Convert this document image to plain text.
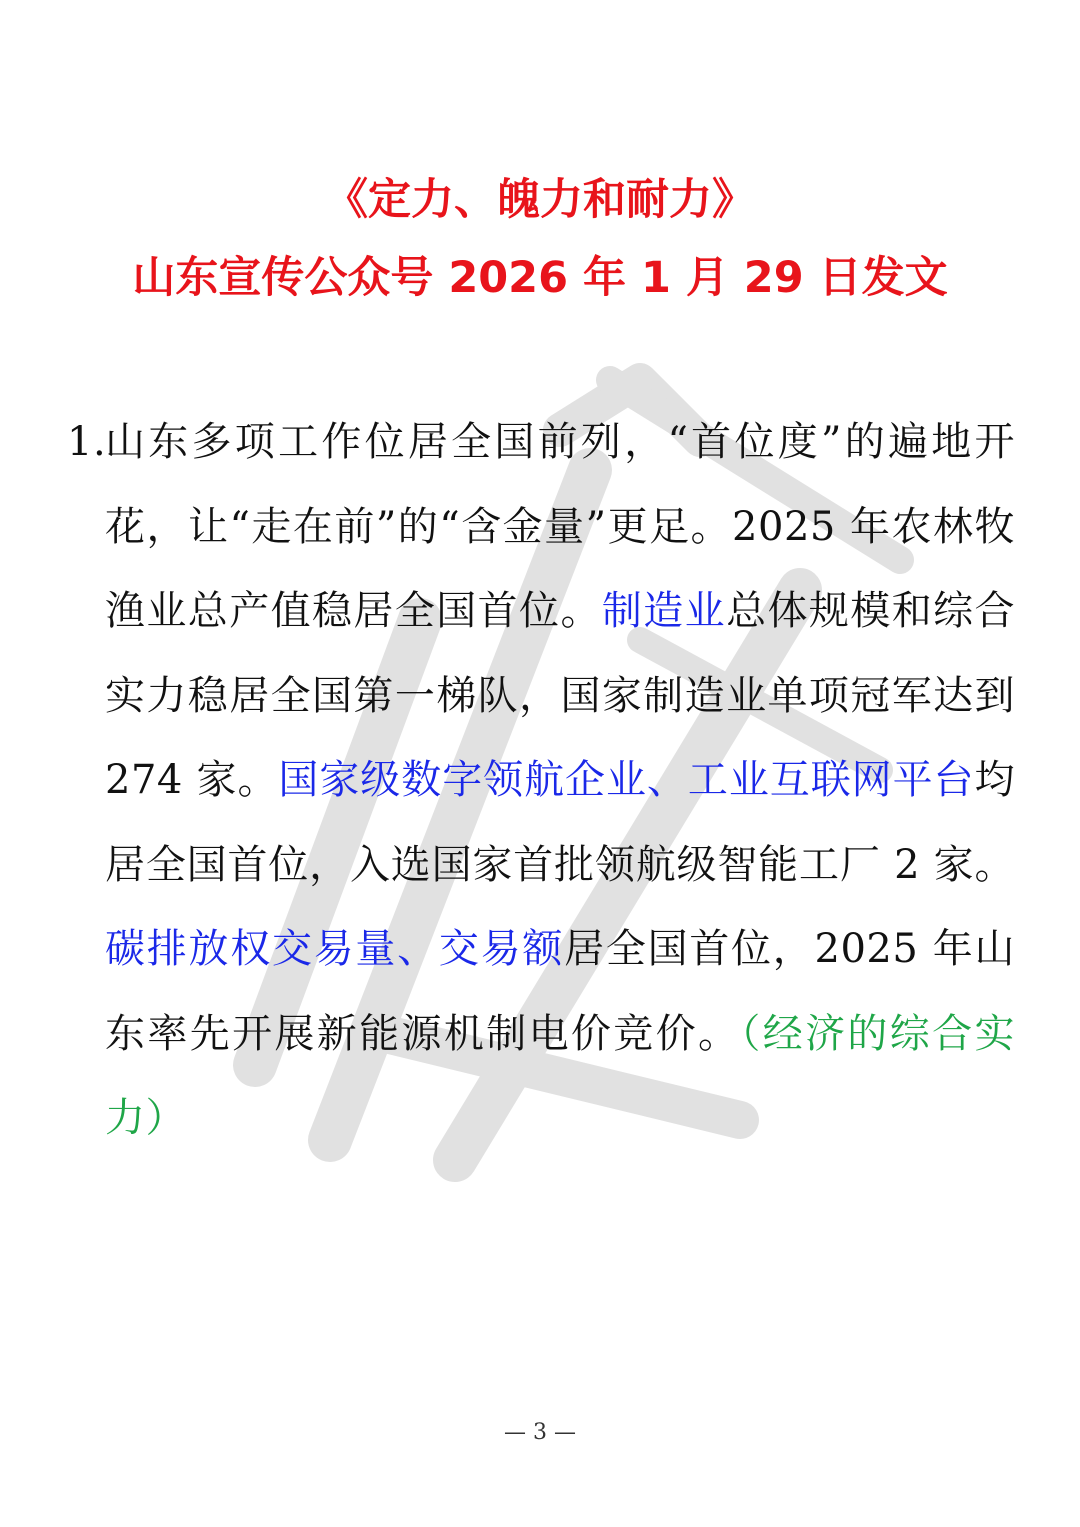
《定力、魄力和耐力》
山东宣传公众号 2026 年 1 月 29 日发文
1.
山东多项工作位居全国前列，“首位度”的遍地开花，让“走在前”的“含金量”更足。2025 年农林牧渔业总产值稳居全国首位。制造业总体规模和综合实力稳居全国第一梯队，国家制造业单项冠军达到 274 家。国家级数字领航企业、工业互联网平台均居全国首位，入选国家首批领航级智能工厂 2 家。碳排放权交易量、交易额居全国首位，2025 年山东率先开展新能源机制电价竞价。（经济的综合实力）
— 3 —
